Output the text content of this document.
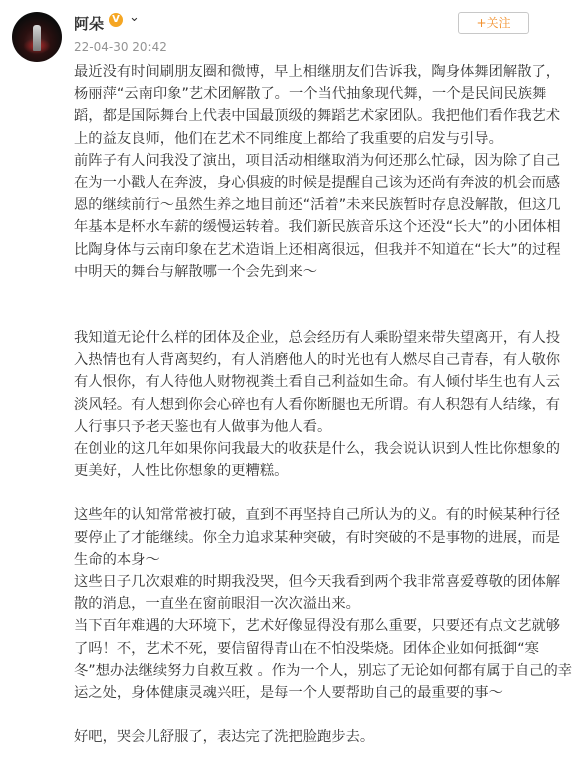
阿朵 V ⌄
22-04-30 20:42
+关注

最近没有时间刷朋友圈和微博，早上相继朋友们告诉我，陶身体舞团解散了，杨丽萍“云南印象”艺术团解散了。一个当代抽象现代舞，一个是民间民族舞蹈，都是国际舞台上代表中国最顶级的舞蹈艺术家团队。我把他们看作我艺术上的益友良师，他们在艺术不同维度上都给了我重要的启发与引导。

前阵子有人问我没了演出，项目活动相继取消为何还那么忙碌，因为除了自己在为一小戳人在奔波，身心俱疲的时候是提醒自己该为还尚有奔波的机会而感恩的继续前行～虽然生养之地目前还“活着”未来民族暂时存息没解散，但这几年基本是杯水车薪的缓慢运转着。我们新民族音乐这个还没“长大”的小团体相比陶身体与云南印象在艺术造诣上还相离很远，但我并不知道在“长大”的过程中明天的舞台与解散哪一个会先到来～

我知道无论什么样的团体及企业，总会经历有人乘盼望来带失望离开，有人投入热情也有人背离契约，有人消磨他人的时光也有人燃尽自己青春，有人敬你有人恨你，有人待他人财物视粪土看自己利益如生命。有人倾付毕生也有人云淡风轻。有人想到你会心碎也有人看你断腿也无所谓。有人积怨有人结缘，有人行事只予老天鉴也有人做事为他人看。

在创业的这几年如果你问我最大的收获是什么，我会说认识到人性比你想象的更美好，人性比你想象的更糟糕。

这些年的认知常常被打破，直到不再坚持自己所认为的义。有的时候某种行径要停止了才能继续。你全力追求某种突破，有时突破的不是事物的进展，而是生命的本身～

这些日子几次艰难的时期我没哭，但今天我看到两个我非常喜爱尊敬的团体解散的消息，一直坐在窗前眼泪一次次溢出来。

当下百年难遇的大环境下，艺术好像显得没有那么重要，只要还有点文艺就够了吗！不，艺术不死，要信留得青山在不怕没柴烧。团体企业如何抵御“寒冬”想办法继续努力自救互救 。作为一个人，别忘了无论如何都有属于自己的幸运之处，身体健康灵魂兴旺，是每一个人要帮助自己的最重要的事～

好吧，哭会儿舒服了，表达完了洗把脸跑步去。
